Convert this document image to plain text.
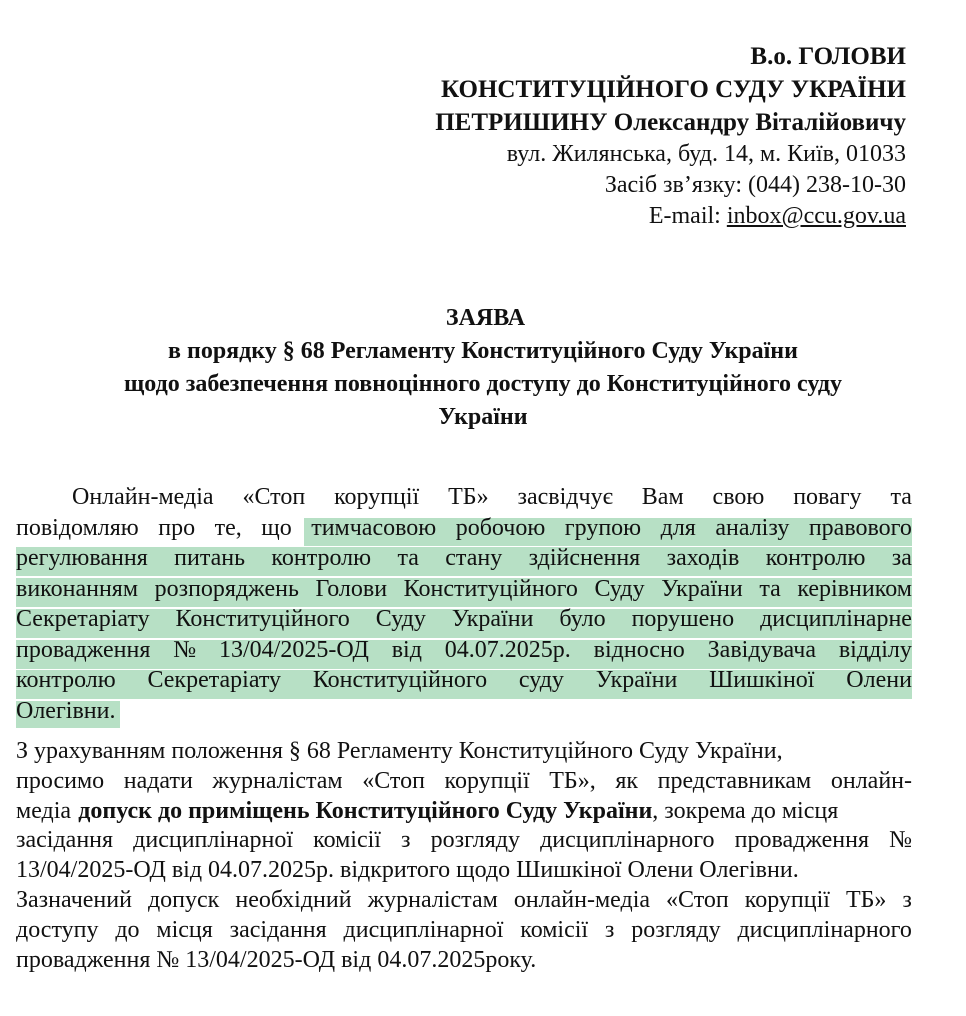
В.о. ГОЛОВИ
КОНСТИТУЦІЙНОГО СУДУ УКРАЇНИ
ПЕТРИШИНУ Олександру Віталійовичу
вул. Жилянська, буд. 14, м. Київ, 01033
Засіб зв’язку: (044) 238-10-30
E-mail: inbox@ccu.gov.ua
ЗАЯВА
в порядку § 68 Регламенту Конституційного Суду України
щодо забезпечення повноцінного доступу до Конституційного суду
України
Онлайн-медіа «Стоп корупції ТБ» засвідчує Вам свою повагу та
повідомляю про те, що тимчасовою робочою групою для аналізу правового
регулювання питань контролю та стану здійснення заходів контролю за
виконанням розпоряджень Голови Конституційного Суду України та керівником
Секретаріату Конституційного Суду України було порушено дисциплінарне
провадження № 13/04/2025-ОД від 04.07.2025р. відносно Завідувача відділу
контролю Секретаріату Конституційного суду України Шишкіної Олени
Олегівни.
З урахуванням положення § 68 Регламенту Конституційного Суду України,
просимо надати журналістам «Стоп корупції ТБ», як представникам онлайн-
медіа допуск до приміщень Конституційного Суду України , зокрема до місця
засідання дисциплінарної комісії з розгляду дисциплінарного провадження №
13/04/2025-ОД від 04.07.2025р. відкритого щодо Шишкіної Олени Олегівни.
Зазначений допуск необхідний журналістам онлайн-медіа «Стоп корупції ТБ» з
доступу до місця засідання дисциплінарної комісії з розгляду дисциплінарного
провадження № 13/04/2025-ОД від 04.07.2025року.
